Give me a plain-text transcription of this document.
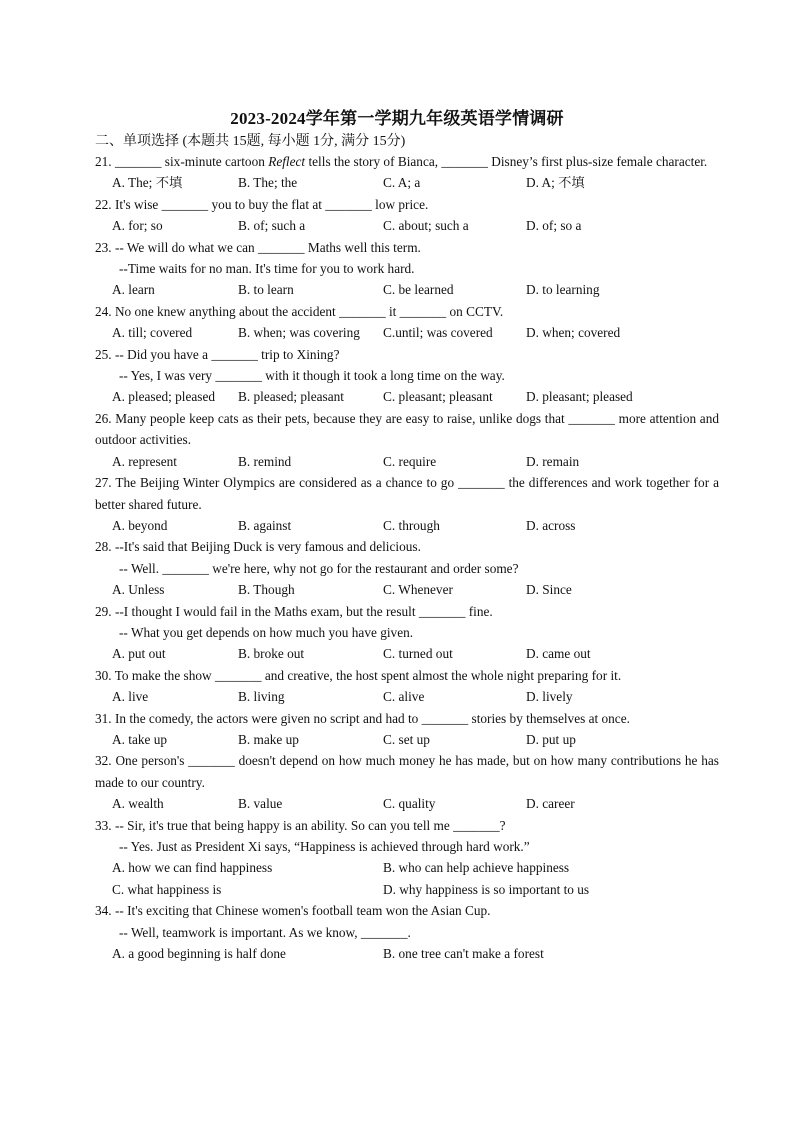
2023-2024学年第一学期九年级英语学情调研
二、单项选择 (本题共 15题, 每小题 1分, 满分 15分)
21. _______ six-minute cartoon Reflect tells the story of Bianca, _______ Disney’s first plus-size female character.
A. The; 不填	B. The; the	C. A; a	D. A; 不填
22. It's wise _______ you to buy the flat at _______ low price.
A. for; so	B. of; such a	C. about; such a	D. of; so a
23. -- We will do what we can _______ Maths well this term.
--Time waits for no man. It's time for you to work hard.
A. learn	B. to learn	C. be learned	D. to learning
24. No one knew anything about the accident _______ it _______ on CCTV.
A. till; covered	B. when; was covering	C.until; was covered	D. when; covered
25. -- Did you have a _______ trip to Xining?
-- Yes, I was very _______ with it though it took a long time on the way.
A. pleased; pleased	B. pleased; pleasant	C. pleasant; pleasant	D. pleasant; pleased
26. Many people keep cats as their pets, because they are easy to raise, unlike dogs that _______ more attention and outdoor activities.
A. represent	B. remind	C. require	D. remain
27. The Beijing Winter Olympics are considered as a chance to go _______ the differences and work together for a better shared future.
A. beyond	B. against	C. through	D. across
28. --It's said that Beijing Duck is very famous and delicious.
-- Well. _______ we're here, why not go for the restaurant and order some?
A. Unless	B. Though	C. Whenever	D. Since
29. --I thought I would fail in the Maths exam, but the result _______ fine.
-- What you get depends on how much you have given.
A. put out	B. broke out	C. turned out	D. came out
30. To make the show _______ and creative, the host spent almost the whole night preparing for it.
A. live	B. living	C. alive	D. lively
31. In the comedy, the actors were given no script and had to _______ stories by themselves at once.
A. take up	B. make up	C. set up	D. put up
32. One person's _______ doesn't depend on how much money he has made, but on how many contributions he has made to our country.
A. wealth	B. value	C. quality	D. career
33. -- Sir, it's true that being happy is an ability. So can you tell me _______?
-- Yes. Just as President Xi says, “Happiness is achieved through hard work.”
A. how we can find happiness	B. who can help achieve happiness
C. what happiness is	D. why happiness is so important to us
34. -- It's exciting that Chinese women's football team won the Asian Cup.
-- Well, teamwork is important. As we know, _______.
A. a good beginning is half done	B. one tree can't make a forest
